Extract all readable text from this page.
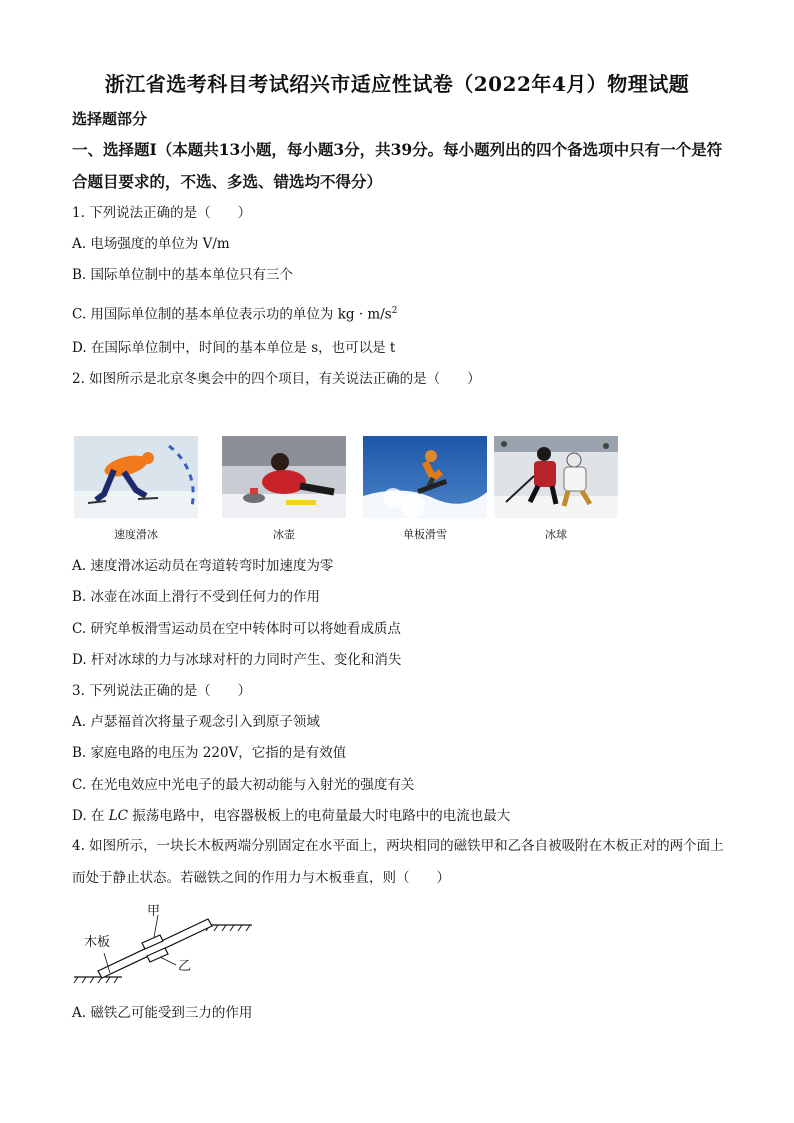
浙江省选考科目考试绍兴市适应性试卷（2022年4月）物理试题
选择题部分
一、选择题Ⅰ（本题共13小题，每小题3分，共39分。每小题列出的四个备选项中只有一个是符合题目要求的，不选、多选、错选均不得分）
1. 下列说法正确的是（　　）
A. 电场强度的单位为 V/m
B. 国际单位制中的基本单位只有三个
C. 用国际单位制的基本单位表示功的单位为 kg · $m/s^2$
D. 在国际单位制中，时间的基本单位是 s，也可以是 t
2. 如图所示是北京冬奥会中的四个项目，有关说法正确的是（　　）
速度滑冰	冰壶	单板滑雪	冰球
A. 速度滑冰运动员在弯道转弯时加速度为零
B. 冰壶在冰面上滑行不受到任何力的作用
C. 研究单板滑雪运动员在空中转体时可以将她看成质点
D. 杆对冰球的力与冰球对杆的力同时产生、变化和消失
3. 下列说法正确的是（　　）
A. 卢瑟福首次将量子观念引入到原子领域
B. 家庭电路的电压为 220V，它指的是有效值
C. 在光电效应中光电子的最大初动能与入射光的强度有关
D. 在 LC 振荡电路中，电容器极板上的电荷量最大时电路中的电流也最大
4. 如图所示，一块长木板两端分别固定在水平面上，两块相同的磁铁甲和乙各自被吸附在木板正对的两个面上而处于静止状态。若磁铁之间的作用力与木板垂直，则（　　）
甲
乙
木板
A. 磁铁乙可能受到三力的作用
